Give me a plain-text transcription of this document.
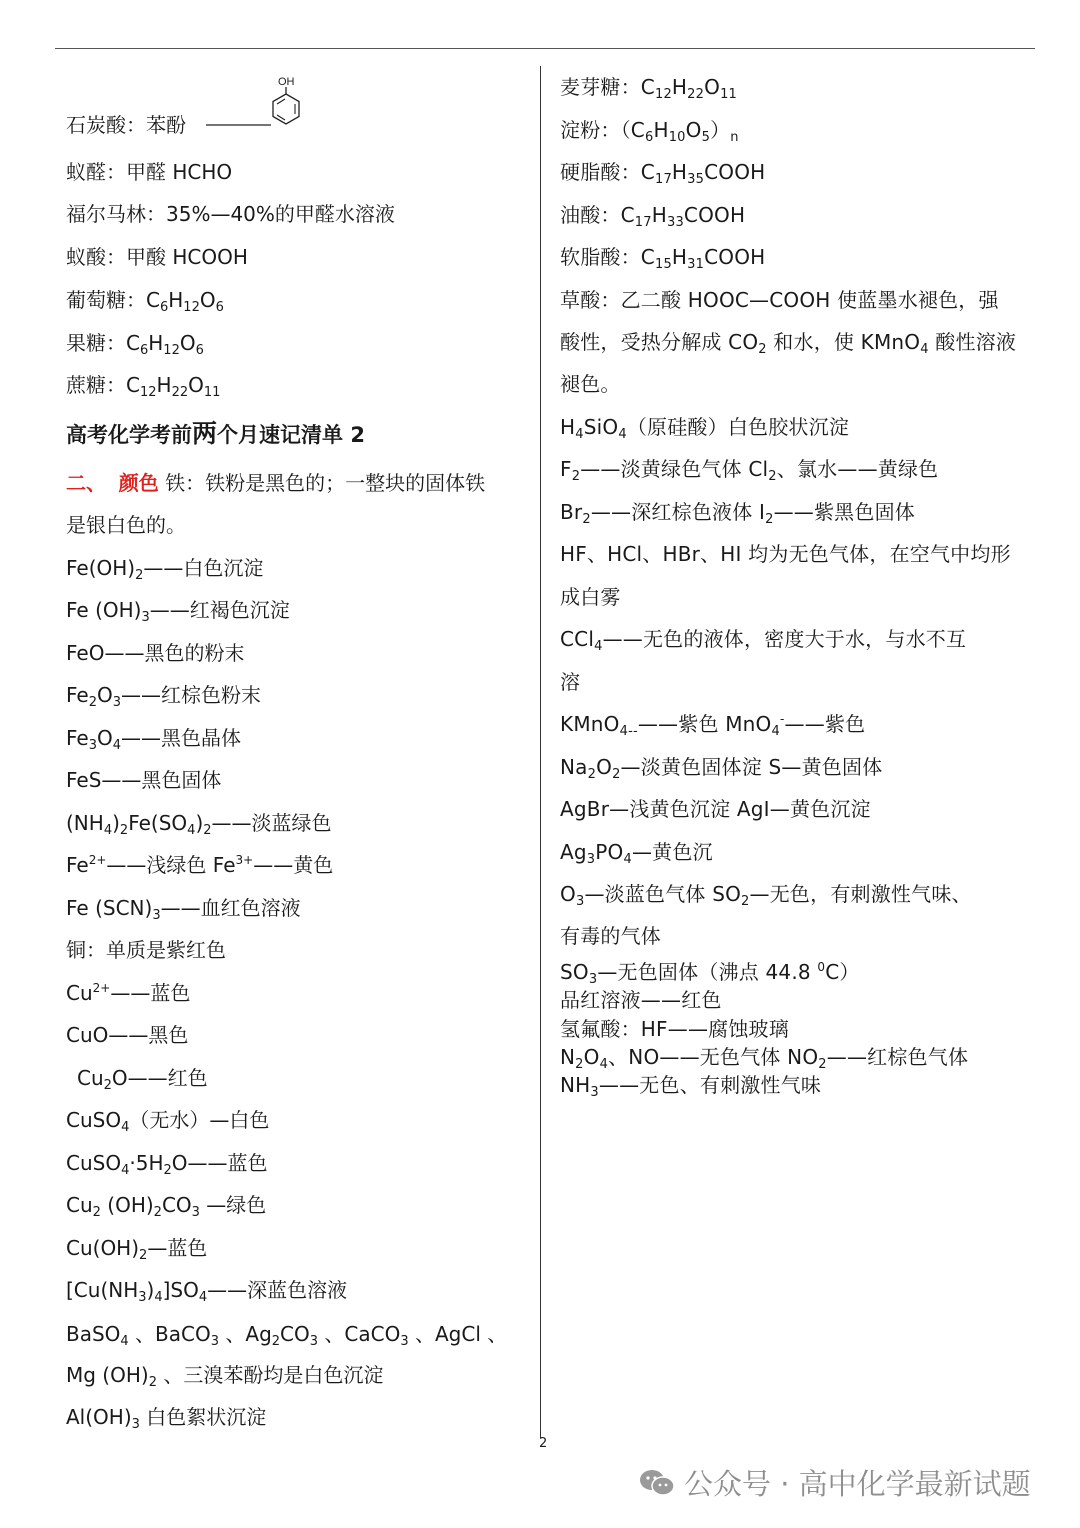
石炭酸：苯酚
OH
蚁醛：甲醛 HCHO
福尔马林：35%—40%的甲醛水溶液
蚁酸：甲酸 HCOOH
葡萄糖：$C_6H_{12}O_6$
果糖：$C_6H_{12}O_6$
蔗糖：$C_{12}H_{22}O_{11}$
高考化学考前两个月速记清单 2
二、 颜色 铁：铁粉是黑色的；一整块的固体铁
是银白色的。
$Fe(OH)_2——$白色沉淀
Fe $(OH)_3——$红褐色沉淀
FeO——黑色的粉末
$Fe_2O_3——$红棕色粉末
$Fe_3O_4——$黑色晶体
FeS——黑色固体
$(NH_4)_2Fe(SO_4)_2——$淡蓝绿色
$Fe^{2+}——$浅绿色 $Fe^{3+}——$黄色
Fe $(SCN)_3——$血红色溶液
铜：单质是紫红色
$Cu^{2+}——$蓝色
CuO——黑色
$Cu_2O——$红色
CuSO$_4$（无水）—白色
$CuSO_4\cdot 5H_2O——$蓝色
$Cu_2$ $(OH)_2CO_3$ —绿色
$Cu(OH)_2—$蓝色
$[Cu(NH_3)_4]SO_4——$深蓝色溶液
BaSO$_4$ 、BaCO$_3$ 、$Ag_2CO_3$ 、CaCO$_3$ 、AgCl 、
Mg $(OH)_2$ 、三溴苯酚均是白色沉淀
$Al(OH)_3$ 白色絮状沉淀
麦芽糖：$C_{12}H_{22}O_{11}$
淀粉：$(C_6H_{10}O_5)_n$
硬脂酸：$C_{17}H_{35}COOH$
油酸：$C_{17}H_{33}COOH$
软脂酸：$C_{15}H_{31}COOH$
草酸：乙二酸 HOOC—COOH 使蓝墨水褪色，强
酸性，受热分解成 $CO_2$ 和水，使 KMnO$_4$ 酸性溶液
褪色。
$H_4SiO_4$（原硅酸）白色胶状沉淀
$F_2——$淡黄绿色气体 $Cl_2$、氯水——黄绿色
$Br_2——$深红棕色液体 $I_2——$紫黑色固体
HF、HCl、HBr、HI 均为无色气体，在空气中均形
成白雾
CCl$_4$——无色的液体，密度大于水，与水不互
溶
KMnO$_{4--}$——紫色 MnO$_4$-——紫色
$Na_2O_2—$淡黄色固体淀 S—黄色固体
AgBr—浅黄色沉淀 AgI—黄色沉淀
$Ag_3PO_4—$黄色沉
$O_3—$淡蓝色气体 $SO_2—$无色，有刺激性气味、
有毒的气体
$SO_3—$无色固体（沸点 44.8 $^0$C）
品红溶液——红色
氢氟酸：HF——腐蚀玻璃
$N_2O_4$、NO——无色气体 $NO_2——$红棕色气体
$NH_3——$无色、有刺激性气味
2
公众号 · 高中化学最新试题
